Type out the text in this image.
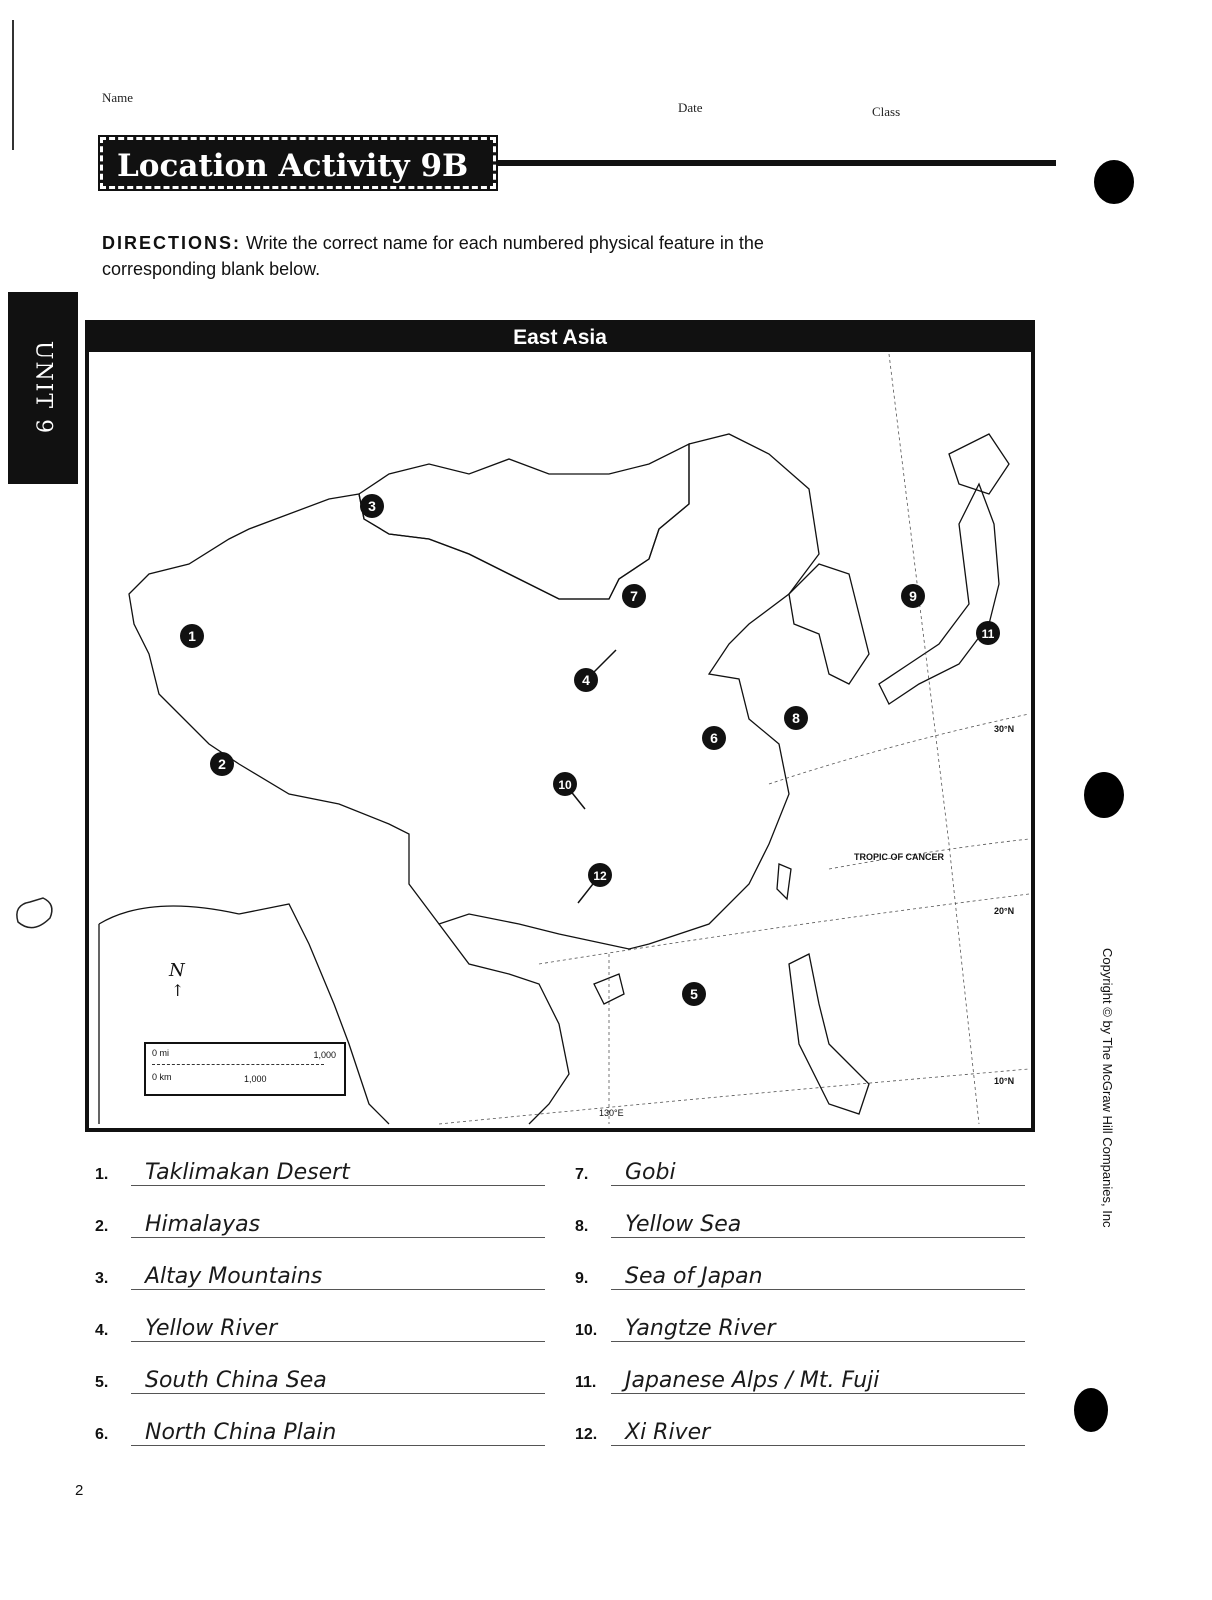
Name
Date	Class
Location Activity 9B
DIRECTIONS: Write the correct name for each numbered physical feature in the corresponding blank below.
UNIT 9
East Asia
1
2
3
4
5
6
7
8
9
10
11
12
TROPIC OF CANCER
30°N
20°N
10°N
130°E
N
↑
0 mi	1,000
0 km	1,000
1. Taklimakan Desert
2. Himalayas
3. Altay Mountains
4. Yellow River
5. South China Sea
6. North China Plain
7. Gobi
8. Yellow Sea
9. Sea of Japan
10. Yangtze River
11. Japanese Alps / Mt. Fuji
12. Xi River
Copyright © by The McGraw Hill Companies, Inc
2
